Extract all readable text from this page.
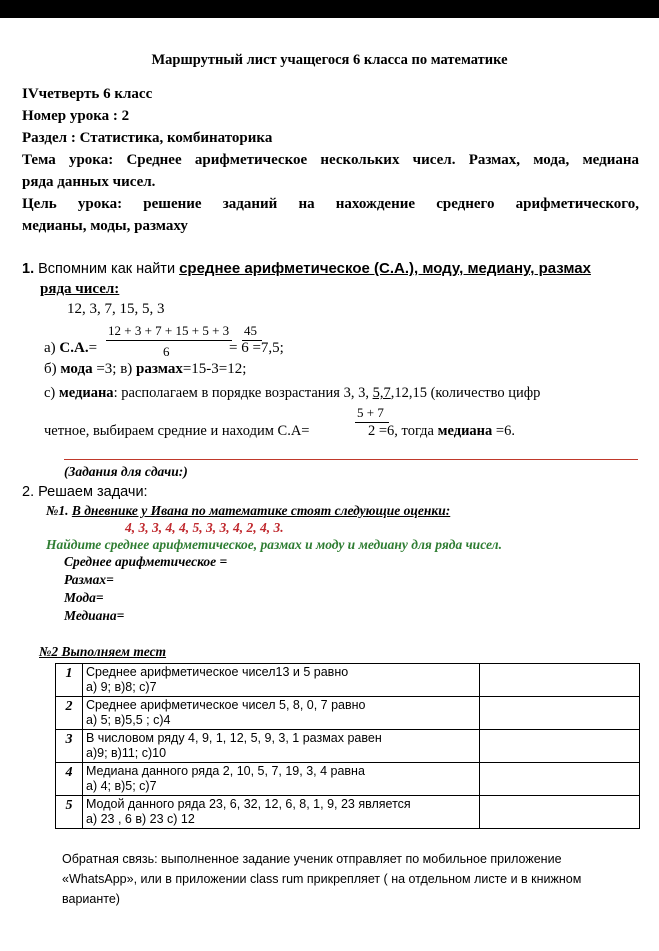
Маршрутный лист учащегося 6 класса по математике
IVчетверть 6 класс
Номер урока : 2
Раздел : Статистика, комбинаторика
Тема урока: Среднее арифметическое нескольких чисел. Размах, мода, медиана
ряда данных чисел.
Цель урока: решение заданий на нахождение среднего арифметического,
медианы, моды, размаху
1. Вспомним как найти среднее арифметическое (С.А.), моду, медиану, размах
ряда чисел:
12, 3, 7, 15, 5, 3
12 + 3 + 7 + 15 + 5 + 3
6
45
а) С.А.=	= 6 =7,5;
б) мода =3; в) размах=15-3=12;
с) медиана: располагаем в порядке возрастания 3, 3, 5,7,12,15 (количество цифр
5 + 7
четное, выбираем средние и находим С.А=	2 =6, тогда медиана =6.
(Задания для сдачи:)
2. Решаем задачи:
№1. В дневнике у Ивана по математике стоят следующие оценки:
4, 3, 3, 4, 4, 5, 3, 3, 4, 2, 4, 3.
Найдите среднее арифметическое, размах и моду и медиану для ряда чисел.
Среднее арифметическое =
Размах=
Мода=
Медиана=
№2 Выполняем тест
1	Среднее арифметическое чисел13 и 5 равно
а) 9; в)8; с)7	

2	Среднее арифметическое чисел 5, 8, 0, 7 равно
а) 5; в)5,5 ; с)4	

3	В числовом ряду 4, 9, 1, 12, 5, 9, 3, 1 размах равен
а)9; в)11; с)10	

4	Медиана данного ряда 2, 10, 5, 7, 19, 3, 4 равна
а) 4; в)5; с)7	

5	Модой данного ряда 23, 6, 32, 12, 6, 8, 1, 9, 23 является
а) 23 , 6 в) 23 с) 12	

Обратная связь: выполненное задание ученик отправляет по мобильное приложение «WhatsApp», или в приложении class rum прикрепляет ( на отдельном листе и в книжном варианте)
